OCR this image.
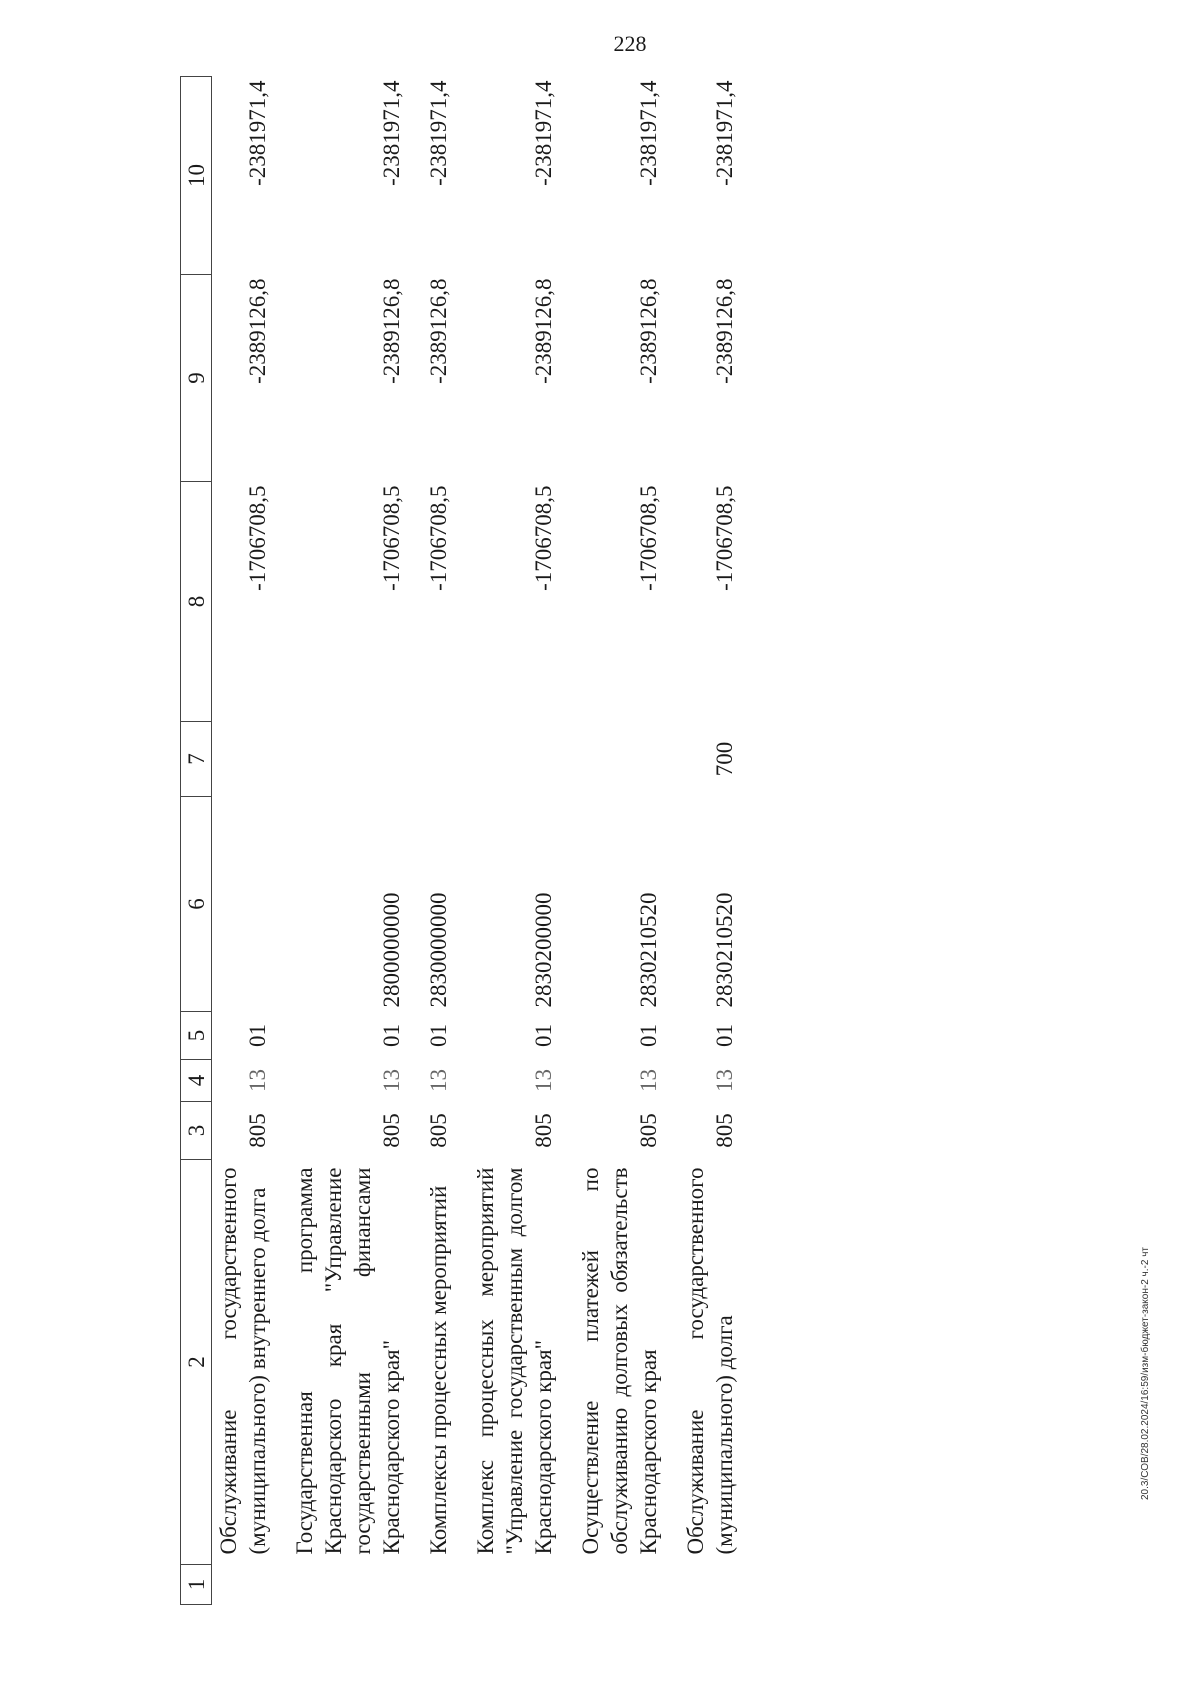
228
20.3/СОВ/28.02.2024/16:59/изм-бюджет-закон-2 ч.-2 чт
1	2	3	4	5	6	7	8	9	10
	Обслуживание государственного (муниципального) внутреннего долга	805	13	01			-1706708,5	-2389126,8	-2381971,4
	Государственная программа Краснодарского края "Управление государственными финансами Краснодарского края"	805	13	01	2800000000		-1706708,5	-2389126,8	-2381971,4
	Комплексы процессных мероприятий	805	13	01	2830000000		-1706708,5	-2389126,8	-2381971,4
	Комплекс процессных мероприятий "Управление государственным долгом Краснодарского края"	805	13	01	2830200000		-1706708,5	-2389126,8	-2381971,4
	Осуществление платежей по обслуживанию долговых обязательств Краснодарского края	805	13	01	2830210520		-1706708,5	-2389126,8	-2381971,4
	Обслуживание государственного (муниципального) долга	805	13	01	2830210520	700	-1706708,5	-2389126,8	-2381971,4
